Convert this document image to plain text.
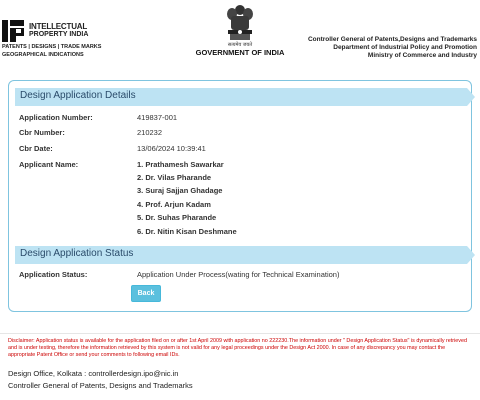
INTELLECTUAL
PROPERTY INDIA
PATENTS | DESIGNS | TRADE MARKS
GEOGRAPHICAL INDICATIONS
सत्यमेव जयते
GOVERNMENT OF INDIA
Controller General of Patents,Designs and Trademarks
Department of Industrial Policy and Promotion
Ministry of Commerce and Industry
Design Application Details
Application Number:	419837-001
Cbr Number:	210232
Cbr Date:	13/06/2024 10:39:41
Applicant Name:	1. Prathamesh Sawarkar
2. Dr. Vilas Pharande
3. Suraj Sajjan Ghadage
4. Prof. Arjun Kadam
5. Dr. Suhas Pharande
6. Dr. Nitin Kisan Deshmane
Design Application Status
Application Status:	Application Under Process(wating for Technical Examination)
Back
Disclaimer: Application status is available for the application filed on or after 1st April 2009 with application no 222230.The information under " Design Application Status" is dynamically retrieved and is under testing, therefore the information retrieved by this system is not valid for any legal proceedings under the Design Act 2000. In case of any discrepancy you may contact the appropriate Patent Office or send your comments to following email IDs.
Design Office, Kolkata : controllerdesign.ipo@nic.in
Controller General of Patents, Designs and Trademarks
